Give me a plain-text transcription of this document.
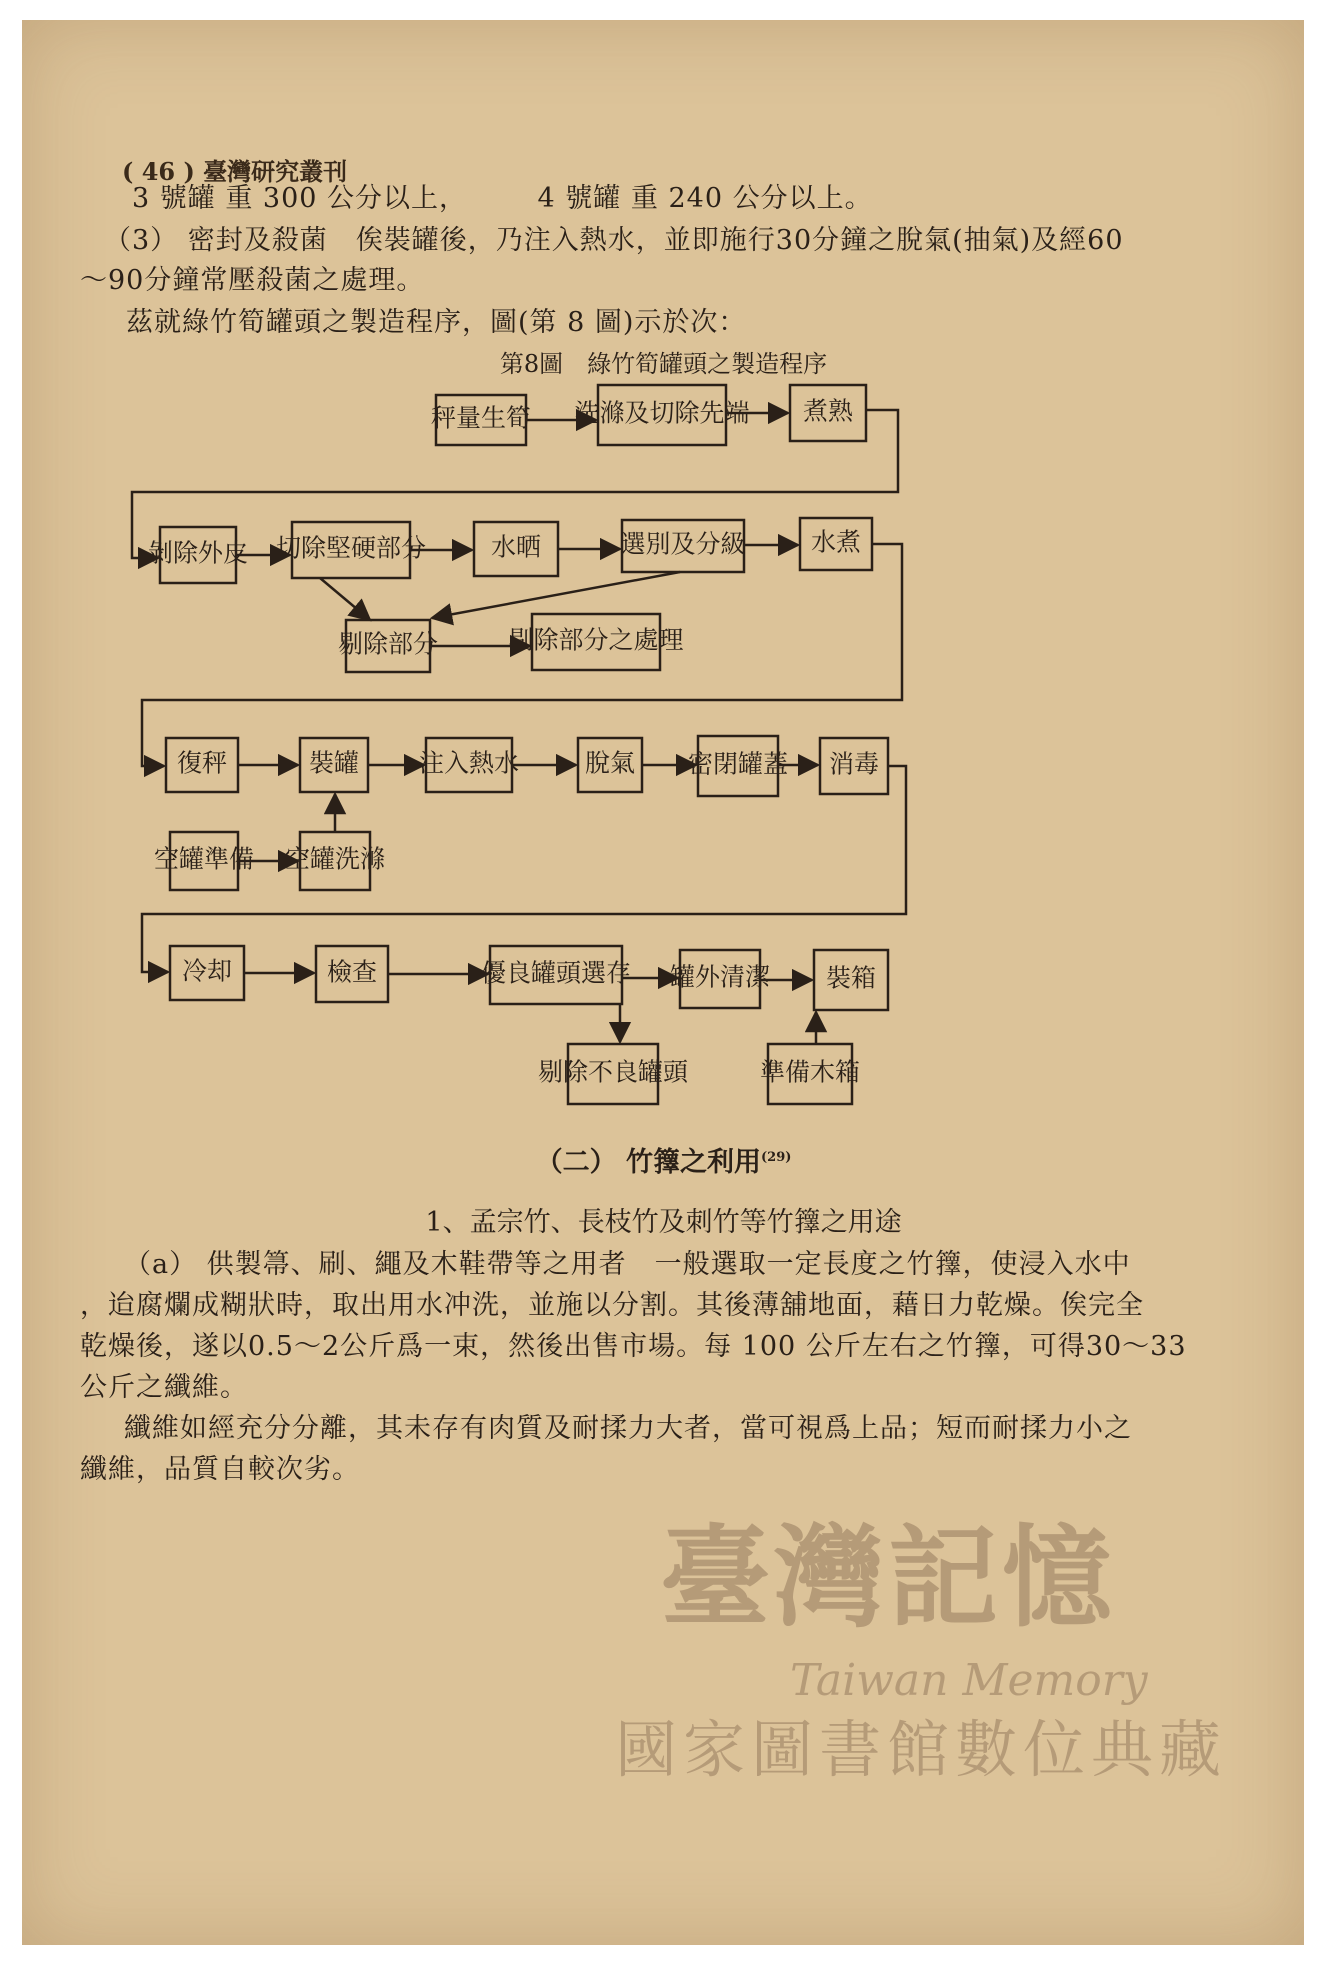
( 46 ) 臺灣研究叢刊
3 號罐 重 300 公分以上，　　　4 號罐 重 240 公分以上。
（3） 密封及殺菌　俟裝罐後，乃注入熱水，並即施行30分鐘之脫氣(抽氣)及經60
～90分鐘常壓殺菌之處理。
茲就綠竹筍罐頭之製造程序，圖(第 8 圖)示於次：
第8圖　綠竹筍罐頭之製造程序
秤量生筍 洗滌及切除先端 煮熟
剝除外皮 切除堅硬部分	水晒	選別及分級	水煮
剔除部分	剔除部分之處理
復秤	裝罐 注入熱水	脫氣 密閉罐蓋 消毒
空罐準備 空罐洗滌
冷却	檢查	優良罐頭選存 罐外清潔 裝箱
剔除不良罐頭	準備木箱
（二） 竹籜之利用$^{(29)}$
1、孟宗竹、長枝竹及刺竹等竹籜之用途
（a） 供製箒、刷、繩及木鞋帶等之用者　一般選取一定長度之竹籜，使浸入水中
，迨腐爛成糊狀時，取出用水冲洗，並施以分割。其後薄舖地面，藉日力乾燥。俟完全
乾燥後，遂以0.5～2公斤爲一束，然後出售市場。每 100 公斤左右之竹籜，可得30～33
公斤之纖維。
纖維如經充分分離，其未存有肉質及耐揉力大者，當可視爲上品；短而耐揉力小之
纖維，品質自較次劣。
臺灣記憶
Taiwan Memory
國家圖書館數位典藏
